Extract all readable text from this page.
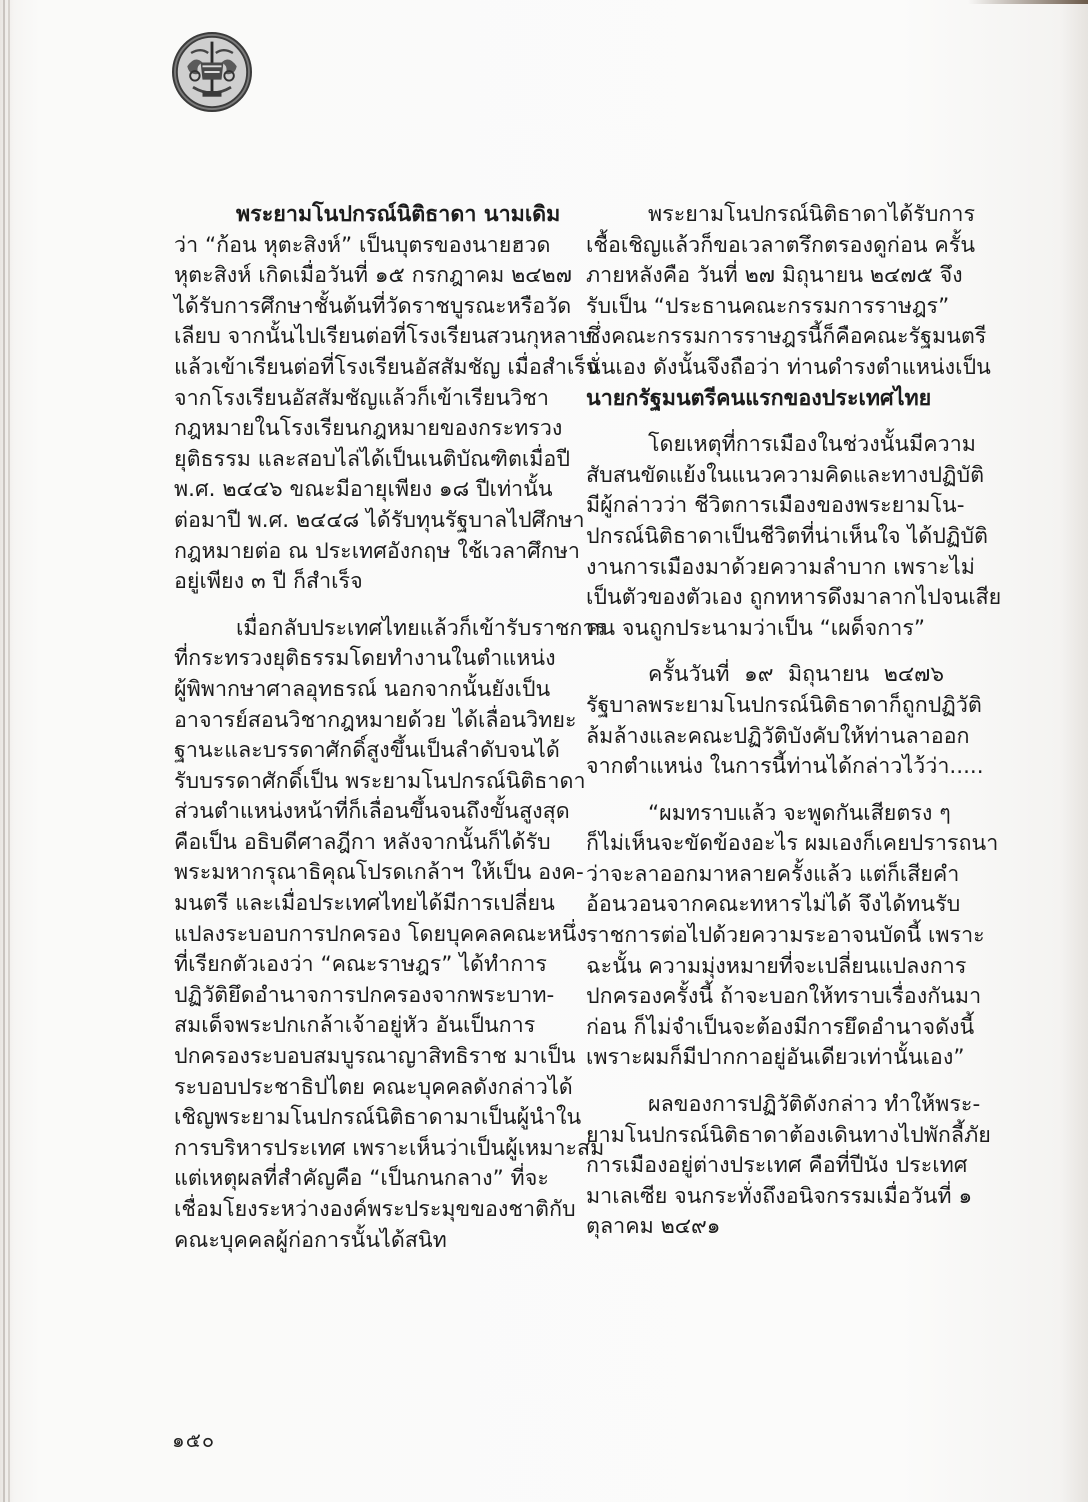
พระยามโนปกรณ์นิติธาดา นามเดิม
ว่า “ก้อน หุตะสิงห์” เป็นบุตรของนายฮวด
หุตะสิงห์ เกิดเมื่อวันที่ ๑๕ กรกฎาคม ๒๔๒๗
ได้รับการศึกษาชั้นต้นที่วัดราชบูรณะหรือวัด
เลียบ จากนั้นไปเรียนต่อที่โรงเรียนสวนกุหลาบ
แล้วเข้าเรียนต่อที่โรงเรียนอัสสัมชัญ เมื่อสำเร็จ
จากโรงเรียนอัสสัมชัญแล้วก็เข้าเรียนวิชา
กฎหมายในโรงเรียนกฎหมายของกระทรวง
ยุติธรรม และสอบไล่ได้เป็นเนติบัณฑิตเมื่อปี
พ.ศ. ๒๔๔๖ ขณะมีอายุเพียง ๑๘ ปีเท่านั้น
ต่อมาปี พ.ศ. ๒๔๔๘ ได้รับทุนรัฐบาลไปศึกษา
กฎหมายต่อ ณ ประเทศอังกฤษ ใช้เวลาศึกษา
อยู่เพียง ๓ ปี ก็สำเร็จ
เมื่อกลับประเทศไทยแล้วก็เข้ารับราชการ
ที่กระทรวงยุติธรรมโดยทำงานในตำแหน่ง
ผู้พิพากษาศาลอุทธรณ์ นอกจากนั้นยังเป็น
อาจารย์สอนวิชากฎหมายด้วย ได้เลื่อนวิทยะ
ฐานะและบรรดาศักดิ์สูงขึ้นเป็นลำดับจนได้
รับบรรดาศักดิ์เป็น พระยามโนปกรณ์นิติธาดา
ส่วนตำแหน่งหน้าที่ก็เลื่อนขึ้นจนถึงขั้นสูงสุด
คือเป็น อธิบดีศาลฎีกา หลังจากนั้นก็ได้รับ
พระมหากรุณาธิคุณโปรดเกล้าฯ ให้เป็น องค-
มนตรี และเมื่อประเทศไทยได้มีการเปลี่ยน
แปลงระบอบการปกครอง โดยบุคคลคณะหนึ่ง
ที่เรียกตัวเองว่า “คณะราษฎร” ได้ทำการ
ปฏิวัติยึดอำนาจการปกครองจากพระบาท-
สมเด็จพระปกเกล้าเจ้าอยู่หัว อันเป็นการ
ปกครองระบอบสมบูรณาญาสิทธิราช มาเป็น
ระบอบประชาธิปไตย คณะบุคคลดังกล่าวได้
เชิญพระยามโนปกรณ์นิติธาดามาเป็นผู้นำใน
การบริหารประเทศ เพราะเห็นว่าเป็นผู้เหมาะสม
แต่เหตุผลที่สำคัญคือ “เป็นกนกลาง” ที่จะ
เชื่อมโยงระหว่างองค์พระประมุขของชาติกับ
คณะบุคคลผู้ก่อการนั้นได้สนิท
พระยามโนปกรณ์นิติธาดาได้รับการ
เชื้อเชิญแล้วก็ขอเวลาตรึกตรองดูก่อน ครั้น
ภายหลังคือ วันที่ ๒๗ มิถุนายน ๒๔๗๕ จึง
รับเป็น “ประธานคณะกรรมการราษฎร”
ซึ่งคณะกรรมการราษฎรนี้ก็คือคณะรัฐมนตรี
นั่นเอง ดังนั้นจึงถือว่า ท่านดำรงตำแหน่งเป็น
นายกรัฐมนตรีคนแรกของประเทศไทย
โดยเหตุที่การเมืองในช่วงนั้นมีความ
สับสนขัดแย้งในแนวความคิดและทางปฏิบัติ
มีผู้กล่าวว่า ชีวิตการเมืองของพระยามโน-
ปกรณ์นิติธาดาเป็นชีวิตที่น่าเห็นใจ ได้ปฏิบัติ
งานการเมืองมาด้วยความลำบาก เพราะไม่
เป็นตัวของตัวเอง ถูกทหารดึงมาลากไปจนเสีย
คน จนถูกประนามว่าเป็น “เผด็จการ”
ครั้นวันที่ ๑๙ มิถุนายน ๒๔๗๖
รัฐบาลพระยามโนปกรณ์นิติธาดาก็ถูกปฏิวัติ
ล้มล้างและคณะปฏิวัติบังคับให้ท่านลาออก
จากตำแหน่ง ในการนี้ท่านได้กล่าวไว้ว่า.....
“ผมทราบแล้ว จะพูดกันเสียตรง ๆ
ก็ไม่เห็นจะขัดข้องอะไร ผมเองก็เคยปรารถนา
ว่าจะลาออกมาหลายครั้งแล้ว แต่ก็เสียคำ
อ้อนวอนจากคณะทหารไม่ได้ จึงได้ทนรับ
ราชการต่อไปด้วยความระอาจนบัดนี้ เพราะ
ฉะนั้น ความมุ่งหมายที่จะเปลี่ยนแปลงการ
ปกครองครั้งนี้ ถ้าจะบอกให้ทราบเรื่องกันมา
ก่อน ก็ไม่จำเป็นจะต้องมีการยึดอำนาจดังนี้
เพราะผมก็มีปากกาอยู่อันเดียวเท่านั้นเอง”
ผลของการปฏิวัติดังกล่าว ทำให้พระ-
ยามโนปกรณ์นิติธาดาต้องเดินทางไปพักลี้ภัย
การเมืองอยู่ต่างประเทศ คือที่ปีนัง ประเทศ
มาเลเซีย จนกระทั่งถึงอนิจกรรมเมื่อวันที่ ๑
ตุลาคม ๒๔๙๑
๑๕๐
